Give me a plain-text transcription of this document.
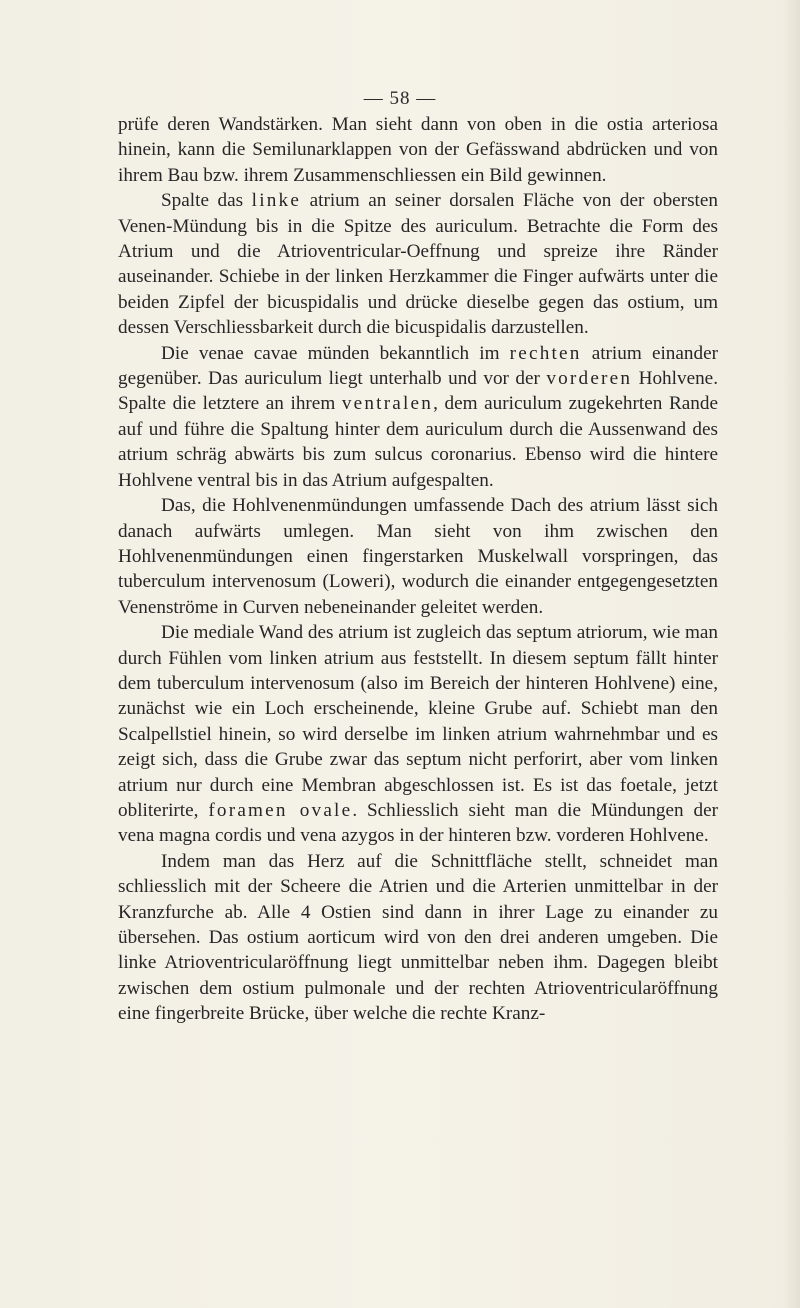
— 58 —

prüfe deren Wandstärken. Man sieht dann von oben in die ostia arteriosa hinein, kann die Semilunarklappen von der Gefässwand abdrücken und von ihrem Bau bzw. ihrem Zusammenschliessen ein Bild gewinnen.

Spalte das linke atrium an seiner dorsalen Fläche von der obersten Venen-Mündung bis in die Spitze des auriculum. Betrachte die Form des Atrium und die Atrioventricular-Oeffnung und spreize ihre Ränder auseinander. Schiebe in der linken Herzkammer die Finger aufwärts unter die beiden Zipfel der bicuspidalis und drücke dieselbe gegen das ostium, um dessen Verschliessbarkeit durch die bicuspidalis darzustellen.

Die venae cavae münden bekanntlich im rechten atrium einander gegenüber. Das auriculum liegt unterhalb und vor der vorderen Hohlvene. Spalte die letztere an ihrem ventralen, dem auriculum zugekehrten Rande auf und führe die Spaltung hinter dem auriculum durch die Aussenwand des atrium schräg abwärts bis zum sulcus coronarius. Ebenso wird die hintere Hohlvene ventral bis in das Atrium aufgespalten.

Das, die Hohlvenenmündungen umfassende Dach des atrium lässt sich danach aufwärts umlegen. Man sieht von ihm zwischen den Hohlvenenmündungen einen fingerstarken Muskelwall vorspringen, das tuberculum intervenosum (Loweri), wodurch die einander entgegengesetzten Venenströme in Curven nebeneinander geleitet werden.

Die mediale Wand des atrium ist zugleich das septum atriorum, wie man durch Fühlen vom linken atrium aus feststellt. In diesem septum fällt hinter dem tuberculum intervenosum (also im Bereich der hinteren Hohlvene) eine, zunächst wie ein Loch erscheinende, kleine Grube auf. Schiebt man den Scalpellstiel hinein, so wird derselbe im linken atrium wahrnehmbar und es zeigt sich, dass die Grube zwar das septum nicht perforirt, aber vom linken atrium nur durch eine Membran abgeschlossen ist. Es ist das foetale, jetzt obliterirte, foramen ovale. Schliesslich sieht man die Mündungen der vena magna cordis und vena azygos in der hinteren bzw. vorderen Hohlvene.

Indem man das Herz auf die Schnittfläche stellt, schneidet man schliesslich mit der Scheere die Atrien und die Arterien unmittelbar in der Kranzfurche ab. Alle 4 Ostien sind dann in ihrer Lage zu einander zu übersehen. Das ostium aorticum wird von den drei anderen umgeben. Die linke Atrioventricularöffnung liegt unmittelbar neben ihm. Dagegen bleibt zwischen dem ostium pulmonale und der rechten Atrioventricularöffnung eine fingerbreite Brücke, über welche die rechte Kranz-
